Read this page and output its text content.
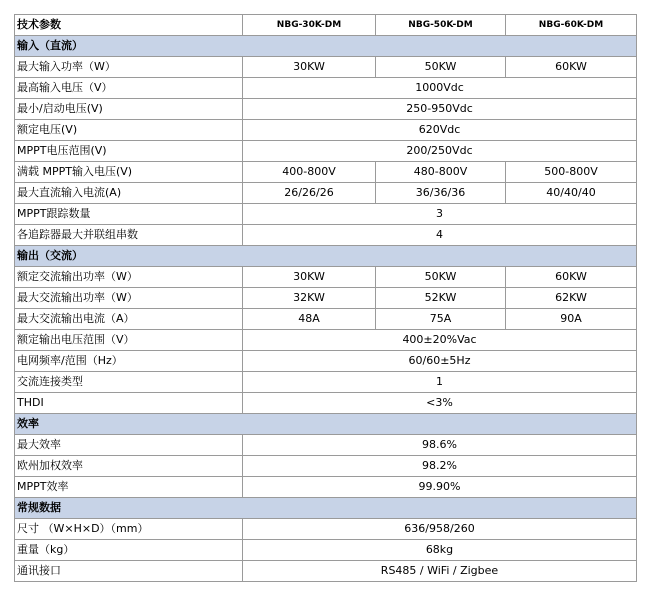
技术参数	NBG-30K-DM	NBG-50K-DM	NBG-60K-DM
输入（直流）			
最大输入功率（W）	30KW	50KW	60KW
最高输入电压（V）	1000Vdc		
最小/启动电压(V)	250-950Vdc		
额定电压(V)	620Vdc		
MPPT电压范围(V)	200/250Vdc		
满载 MPPT输入电压(V)	400-800V	480-800V	500-800V
最大直流输入电流(A)	26/26/26	36/36/36	40/40/40
MPPT跟踪数量	3		
各追踪器最大并联组串数	4		
输出（交流）			
额定交流输出功率（W）	30KW	50KW	60KW
最大交流输出功率（W）	32KW	52KW	62KW
最大交流输出电流（A）	48A	75A	90A
额定输出电压范围（V）	400±20%Vac		
电网频率/范围（Hz）	60/60±5Hz		
交流连接类型	1		
THDI	<3%		
效率			
最大效率	98.6%		
欧州加权效率	98.2%		
MPPT效率	99.90%		
常规数据			
尺寸 （W×H×D）（mm）	636/958/260		
重量（kg）	68kg		
通讯接口	RS485 / WiFi / Zigbee		
